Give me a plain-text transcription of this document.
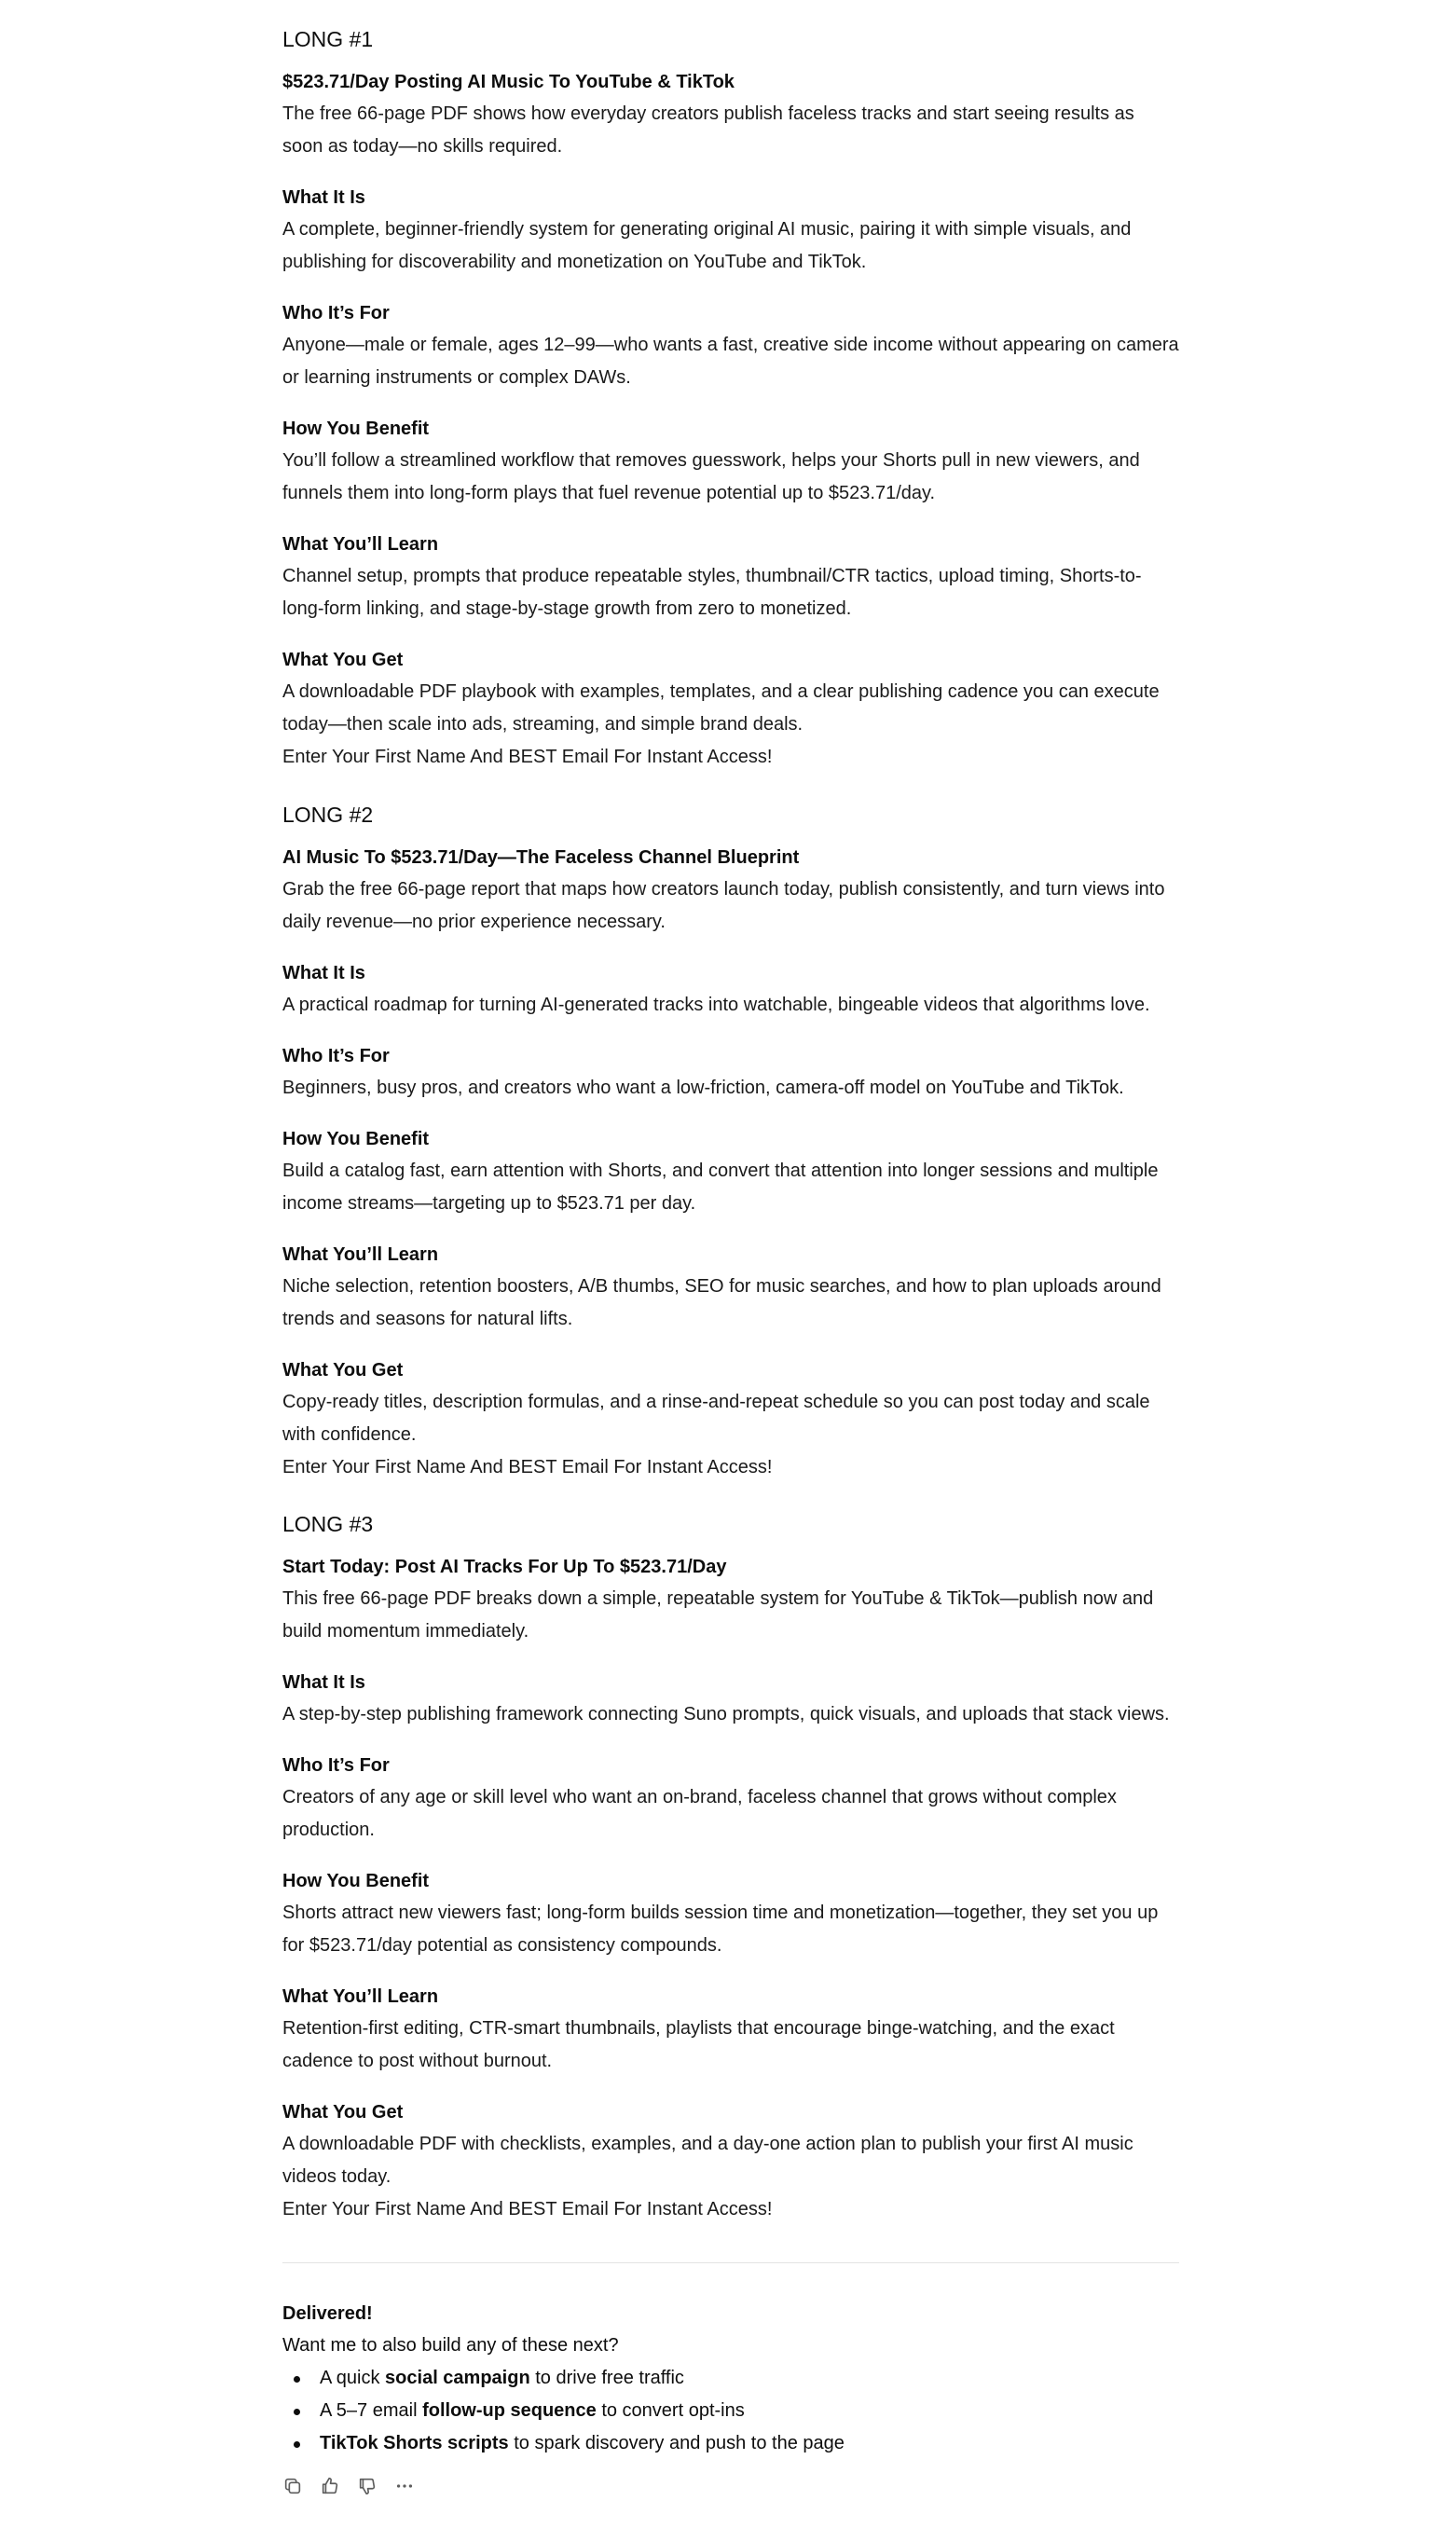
LONG #1

$523.71/Day Posting AI Music To YouTube & TikTok

The free 66-page PDF shows how everyday creators publish faceless tracks and start seeing results as soon as today—no skills required.

What It Is

A complete, beginner-friendly system for generating original AI music, pairing it with simple visuals, and publishing for discoverability and monetization on YouTube and TikTok.

Who It’s For

Anyone—male or female, ages 12–99—who wants a fast, creative side income without appearing on camera or learning instruments or complex DAWs.

How You Benefit

You’ll follow a streamlined workflow that removes guesswork, helps your Shorts pull in new viewers, and funnels them into long-form plays that fuel revenue potential up to $523.71/day.

What You’ll Learn

Channel setup, prompts that produce repeatable styles, thumbnail/CTR tactics, upload timing, Shorts-to-long-form linking, and stage-by-stage growth from zero to monetized.

What You Get

A downloadable PDF playbook with examples, templates, and a clear publishing cadence you can execute today—then scale into ads, streaming, and simple brand deals.

Enter Your First Name And BEST Email For Instant Access!

LONG #2

AI Music To $523.71/Day—The Faceless Channel Blueprint

Grab the free 66-page report that maps how creators launch today, publish consistently, and turn views into daily revenue—no prior experience necessary.

What It Is

A practical roadmap for turning AI-generated tracks into watchable, bingeable videos that algorithms love.

Who It’s For

Beginners, busy pros, and creators who want a low-friction, camera-off model on YouTube and TikTok.

How You Benefit

Build a catalog fast, earn attention with Shorts, and convert that attention into longer sessions and multiple income streams—targeting up to $523.71 per day.

What You’ll Learn

Niche selection, retention boosters, A/B thumbs, SEO for music searches, and how to plan uploads around trends and seasons for natural lifts.

What You Get

Copy-ready titles, description formulas, and a rinse-and-repeat schedule so you can post today and scale with confidence.

Enter Your First Name And BEST Email For Instant Access!

LONG #3

Start Today: Post AI Tracks For Up To $523.71/Day

This free 66-page PDF breaks down a simple, repeatable system for YouTube & TikTok—publish now and build momentum immediately.

What It Is

A step-by-step publishing framework connecting Suno prompts, quick visuals, and uploads that stack views.

Who It’s For

Creators of any age or skill level who want an on-brand, faceless channel that grows without complex production.

How You Benefit

Shorts attract new viewers fast; long-form builds session time and monetization—together, they set you up for $523.71/day potential as consistency compounds.

What You’ll Learn

Retention-first editing, CTR-smart thumbnails, playlists that encourage binge-watching, and the exact cadence to post without burnout.

What You Get

A downloadable PDF with checklists, examples, and a day-one action plan to publish your first AI music videos today.

Enter Your First Name And BEST Email For Instant Access!

Delivered!

Want me to also build any of these next?

A quick social campaign to drive free traffic
A 5–7 email follow-up sequence to convert opt-ins
TikTok Shorts scripts to spark discovery and push to the page
